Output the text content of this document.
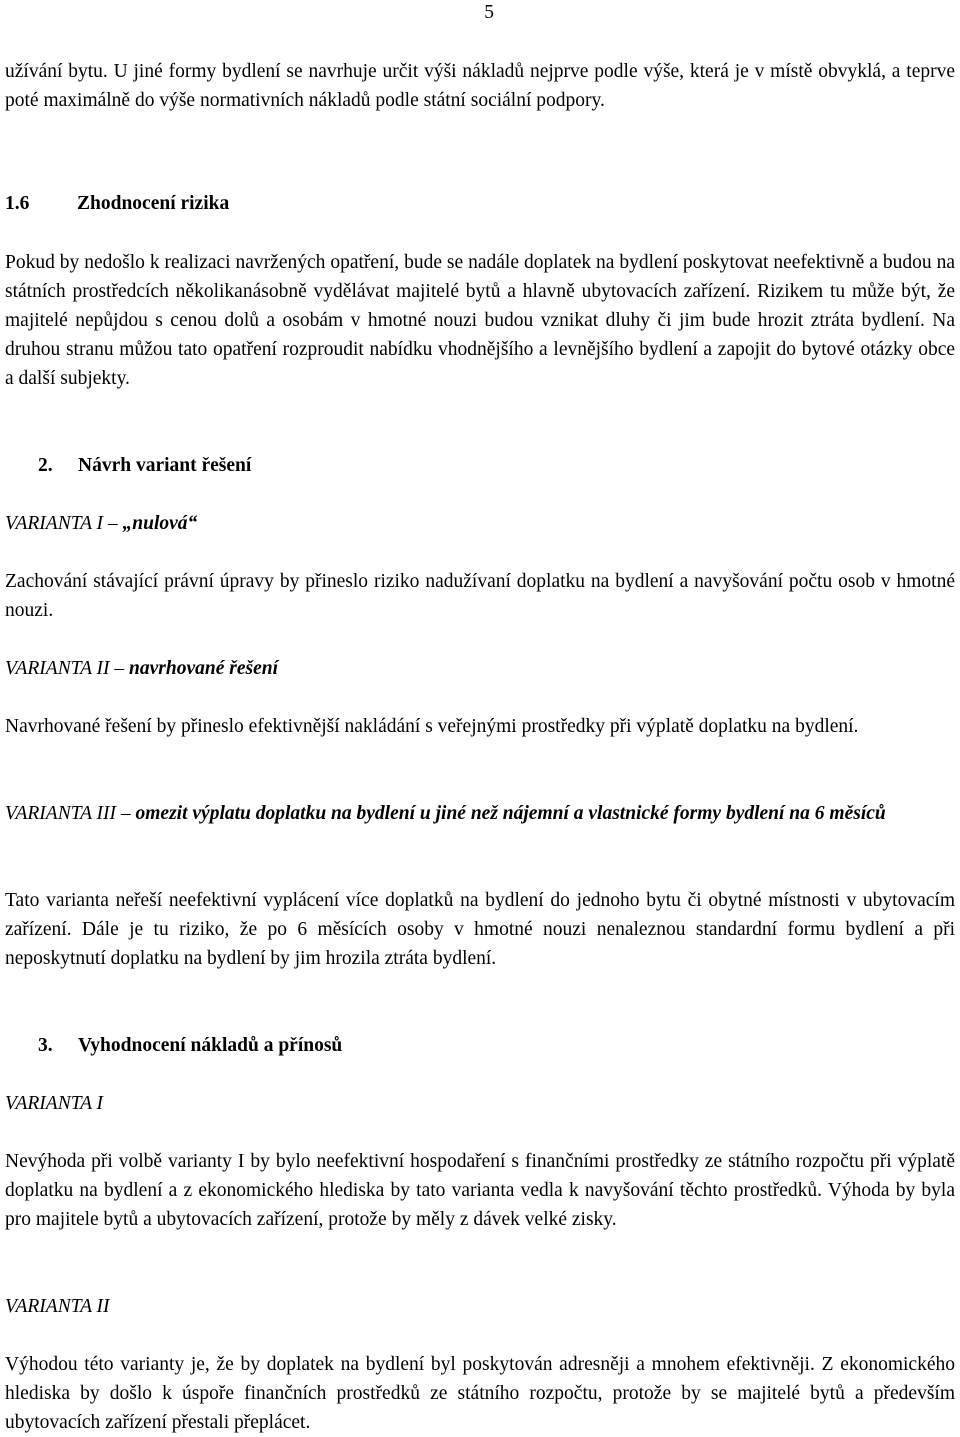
5

užívání bytu. U jiné formy bydlení se navrhuje určit výši nákladů nejprve podle výše, která je v místě obvyklá, a teprve poté maximálně do výše normativních nákladů podle státní sociální podpory.

1.6 Zhodnocení rizika

Pokud by nedošlo k realizaci navržených opatření, bude se nadále doplatek na bydlení poskytovat neefektivně a budou na státních prostředcích několikanásobně vydělávat majitelé bytů a hlavně ubytovacích zařízení. Rizikem tu může být, že majitelé nepůjdou s cenou dolů a osobám v hmotné nouzi budou vznikat dluhy či jim bude hrozit ztráta bydlení. Na druhou stranu můžou tato opatření rozproudit nabídku vhodnějšího a levnějšího bydlení a zapojit do bytové otázky obce a další subjekty.

2. Návrh variant řešení
VARIANTA I – „nulová“

Zachování stávající právní úpravy by přineslo riziko nadužívaní doplatku na bydlení a navyšování počtu osob v hmotné nouzi.

VARIANTA II – navrhované řešení

Navrhované řešení by přineslo efektivnější nakládání s veřejnými prostředky při výplatě doplatku na bydlení.

VARIANTA III – omezit výplatu doplatku na bydlení u jiné než nájemní a vlastnické formy bydlení na 6 měsíců

Tato varianta neřeší neefektivní vyplácení více doplatků na bydlení do jednoho bytu či obytné místnosti v ubytovacím zařízení. Dále je tu riziko, že po 6 měsících osoby v hmotné nouzi nenaleznou standardní formu bydlení a při neposkytnutí doplatku na bydlení by jim hrozila ztráta bydlení.

3. Vyhodnocení nákladů a přínosů
VARIANTA I

Nevýhoda při volbě varianty I by bylo neefektivní hospodaření s finančními prostředky ze státního rozpočtu při výplatě doplatku na bydlení a z ekonomického hlediska by tato varianta vedla k navyšování těchto prostředků. Výhoda by byla pro majitele bytů a ubytovacích zařízení, protože by měly z dávek velké zisky.

VARIANTA II

Výhodou této varianty je, že by doplatek na bydlení byl poskytován adresněji a mnohem efektivněji. Z ekonomického hlediska by došlo k úspoře finančních prostředků ze státního rozpočtu, protože by se majitelé bytů a především ubytovacích zařízení přestali přeplácet.
